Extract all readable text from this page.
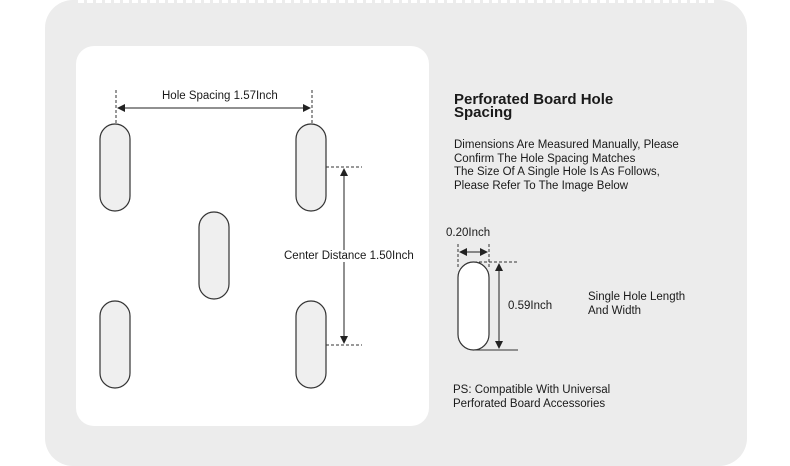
Hole Spacing 1.57Inch
Center Distance 1.50Inch
Perforated Board Hole Spacing
Dimensions Are Measured Manually, Please
Confirm The Hole Spacing Matches
The Size Of A Single Hole Is As Follows,
Please Refer To The Image Below
0.20Inch
0.59Inch
Single Hole Length
And Width
PS: Compatible With Universal
Perforated Board Accessories
